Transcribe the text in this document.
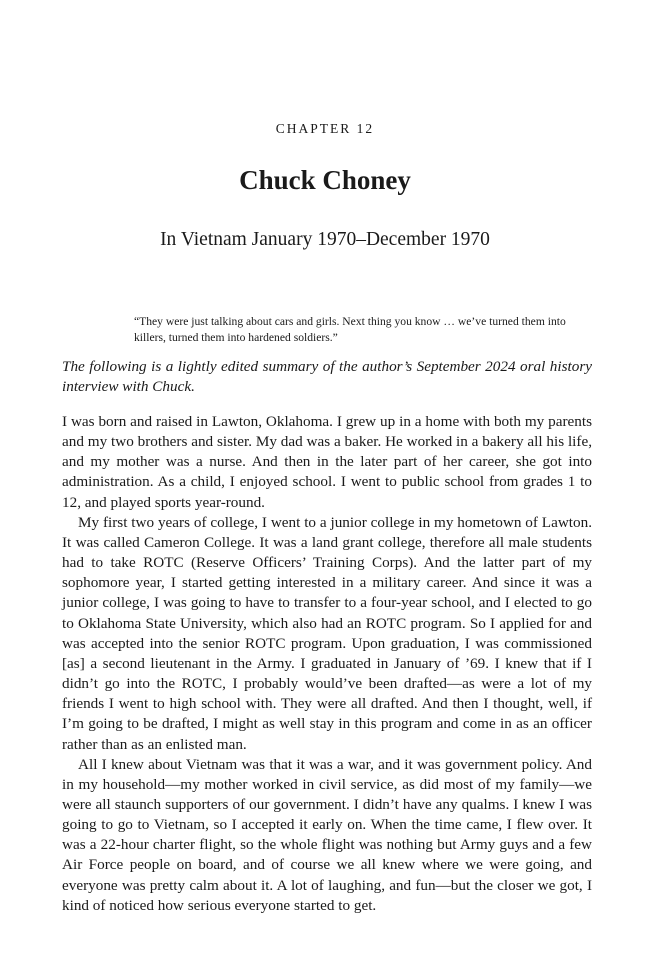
CHAPTER 12
Chuck Choney
In Vietnam January 1970–December 1970
“They were just talking about cars and girls. Next thing you know … we’ve turned them into killers, turned them into hardened soldiers.”
The following is a lightly edited summary of the author’s September 2024 oral history interview with Chuck.

I was born and raised in Lawton, Oklahoma. I grew up in a home with both my parents and my two brothers and sister. My dad was a baker. He worked in a bakery all his life, and my mother was a nurse. And then in the later part of her career, she got into administration. As a child, I enjoyed school. I went to public school from grades 1 to 12, and played sports year-round.

My first two years of college, I went to a junior college in my hometown of Lawton. It was called Cameron College. It was a land grant college, therefore all male students had to take ROTC (Reserve Officers’ Training Corps). And the latter part of my sophomore year, I started getting interested in a military career. And since it was a junior college, I was going to have to transfer to a four-year school, and I elected to go to Oklahoma State University, which also had an ROTC program. So I applied for and was accepted into the senior ROTC program. Upon graduation, I was commissioned [as] a second lieutenant in the Army. I graduated in January of ’69. I knew that if I didn’t go into the ROTC, I probably would’ve been drafted—as were a lot of my friends I went to high school with. They were all drafted. And then I thought, well, if I’m going to be drafted, I might as well stay in this program and come in as an officer rather than as an enlisted man.

All I knew about Vietnam was that it was a war, and it was government policy. And in my household—my mother worked in civil service, as did most of my family—we were all staunch supporters of our government. I didn’t have any qualms. I knew I was going to go to Vietnam, so I accepted it early on. When the time came, I flew over. It was a 22-hour charter flight, so the whole flight was nothing but Army guys and a few Air Force people on board, and of course we all knew where we were going, and everyone was pretty calm about it. A lot of laughing, and fun—but the closer we got, I kind of noticed how serious everyone started to get.
